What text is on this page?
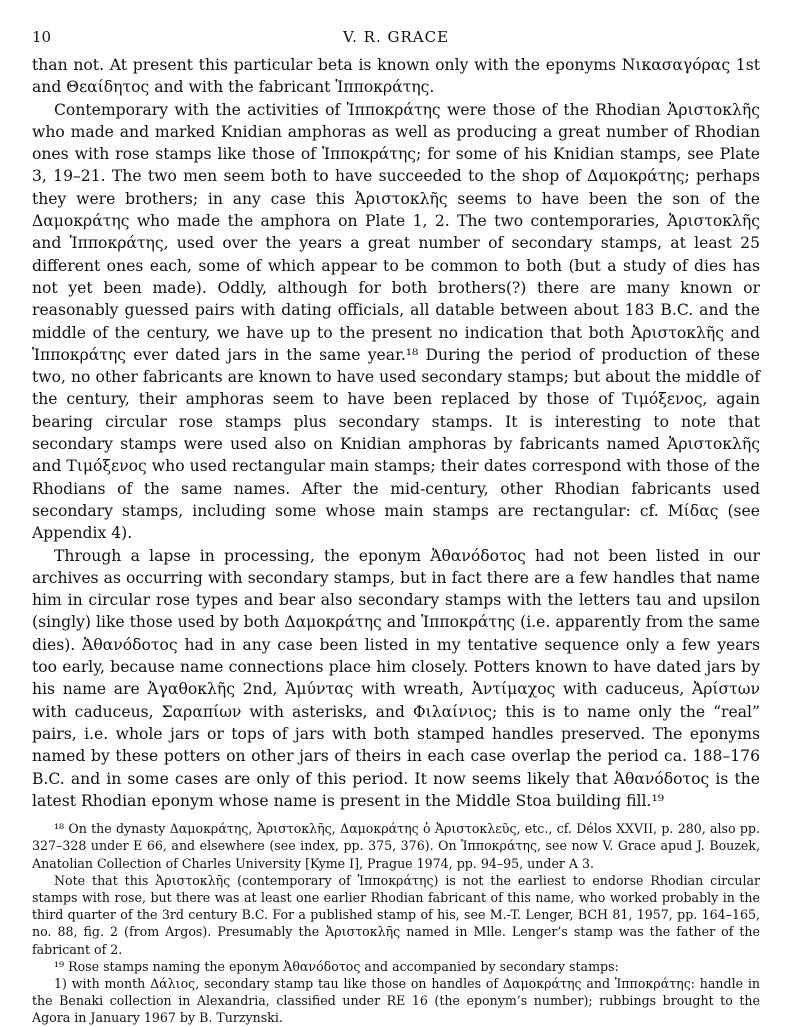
10	V. R. GRACE

than not. At present this particular beta is known only with the eponyms Νικασαγόρας 1st and Θεαίδητος and with the fabricant Ἱπποκράτης.

Contemporary with the activities of Ἱπποκράτης were those of the Rhodian Ἀριστοκλῆς who made and marked Knidian amphoras as well as producing a great number of Rhodian ones with rose stamps like those of Ἱπποκράτης; for some of his Knidian stamps, see Plate 3, 19–21. The two men seem both to have succeeded to the shop of Δαμοκράτης; perhaps they were brothers; in any case this Ἀριστοκλῆς seems to have been the son of the Δαμοκράτης who made the amphora on Plate 1, 2. The two contemporaries, Ἀριστοκλῆς and Ἱπποκράτης, used over the years a great number of secondary stamps, at least 25 different ones each, some of which appear to be common to both (but a study of dies has not yet been made). Oddly, although for both brothers(?) there are many known or reasonably guessed pairs with dating officials, all datable between about 183 B.C. and the middle of the century, we have up to the present no indication that both Ἀριστοκλῆς and Ἱπποκράτης ever dated jars in the same year.¹⁸ During the period of production of these two, no other fabricants are known to have used secondary stamps; but about the middle of the century, their amphoras seem to have been replaced by those of Τιμόξενος, again bearing circular rose stamps plus secondary stamps. It is interesting to note that secondary stamps were used also on Knidian amphoras by fabricants named Ἀριστοκλῆς and Τιμόξενος who used rectangular main stamps; their dates correspond with those of the Rhodians of the same names. After the mid-century, other Rhodian fabricants used secondary stamps, including some whose main stamps are rectangular: cf. Μίδας (see Appendix 4).

Through a lapse in processing, the eponym Ἀθανόδοτος had not been listed in our archives as occurring with secondary stamps, but in fact there are a few handles that name him in circular rose types and bear also secondary stamps with the letters tau and upsilon (singly) like those used by both Δαμοκράτης and Ἱπποκράτης (i.e. apparently from the same dies). Ἀθανόδοτος had in any case been listed in my tentative sequence only a few years too early, because name connections place him closely. Potters known to have dated jars by his name are Ἀγαθοκλῆς 2nd, Ἀμύντας with wreath, Ἀντίμαχος with caduceus, Ἀρίστων with caduceus, Σαραπίων with asterisks, and Φιλαίνιος; this is to name only the “real” pairs, i.e. whole jars or tops of jars with both stamped handles preserved. The eponyms named by these potters on other jars of theirs in each case overlap the period ca. 188–176 B.C. and in some cases are only of this period. It now seems likely that Ἀθανόδοτος is the latest Rhodian eponym whose name is present in the Middle Stoa building fill.¹⁹

¹⁸ On the dynasty Δαμοκράτης, Ἀριστοκλῆς, Δαμοκράτης ὁ Ἀριστοκλεῦς, etc., cf. Délos XXVII, p. 280, also pp. 327–328 under E 66, and elsewhere (see index, pp. 375, 376). On Ἱπποκράτης, see now V. Grace apud J. Bouzek, Anatolian Collection of Charles University [Kyme I], Prague 1974, pp. 94–95, under A 3.

Note that this Ἀριστοκλῆς (contemporary of Ἱπποκράτης) is not the earliest to endorse Rhodian circular stamps with rose, but there was at least one earlier Rhodian fabricant of this name, who worked probably in the third quarter of the 3rd century B.C. For a published stamp of his, see M.-T. Lenger, BCH 81, 1957, pp. 164–165, no. 88, fig. 2 (from Argos). Presumably the Ἀριστοκλῆς named in Mlle. Lenger’s stamp was the father of the fabricant of 2.

¹⁹ Rose stamps naming the eponym Ἀθανόδοτος and accompanied by secondary stamps:

1) with month Δάλιος, secondary stamp tau like those on handles of Δαμοκράτης and Ἱπποκράτης: handle in the Benaki collection in Alexandria, classified under RE 16 (the eponym’s number); rubbings brought to the Agora in January 1967 by B. Turzynski.
